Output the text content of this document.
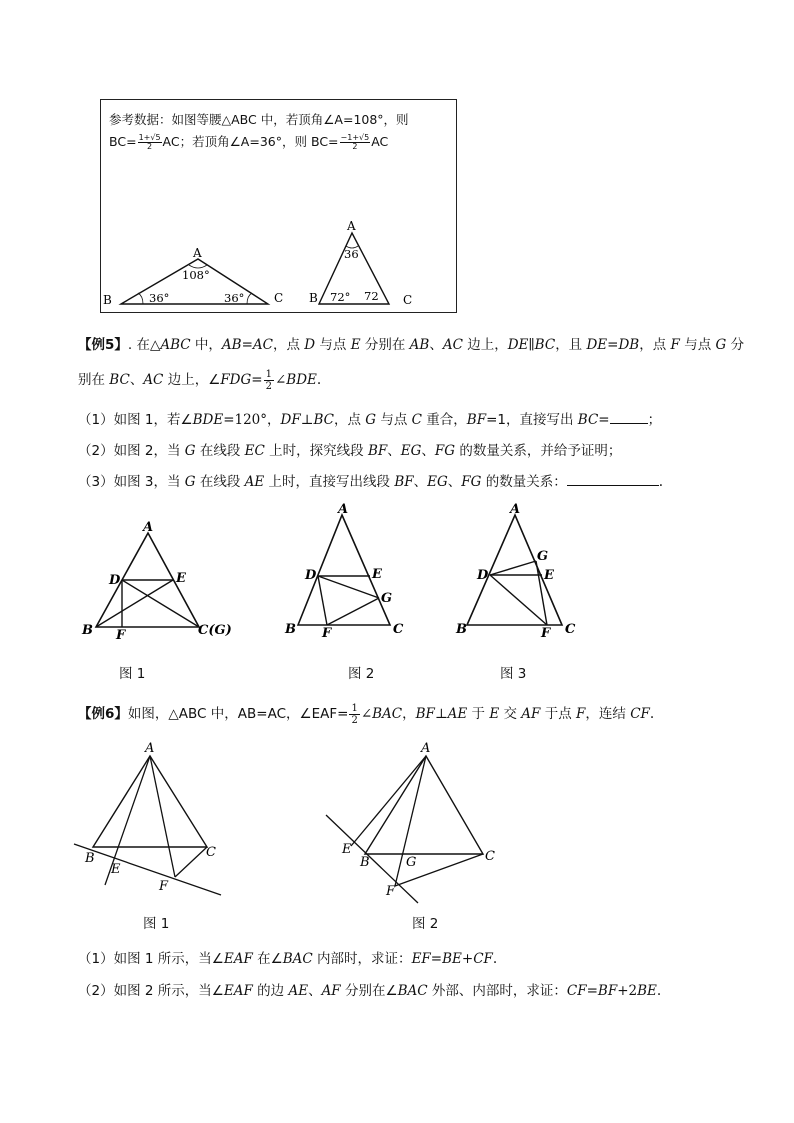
参考数据：如图等腰△ABC 中，若顶角∠A=108°，则
$BC= \frac{1+√5}{2}$ AC；若顶角∠A=36°，则 $BC= \frac{-1+√5}{2}$ AC
A
B	C
108°
36°	36°
A
B	C
36
72° 72
【例5】. 在△ABC 中，AB=AC，点 D 与点 E 分别在 AB、AC 边上，DE∥BC，且 DE=DB，点 F 与点 G 分
别在 BC、AC 边上，∠FDG= $\frac{1}{2}$ ∠BDE.
（1）如图 1，若∠BDE=120°，DF⊥BC，点 G 与点 C 重合，BF=1，直接写出 BC=	；
（2）如图 2，当 G 在线段 EC 上时，探究线段 BF、EG、FG 的数量关系，并给予证明；
（3）如图 3，当 G 在线段 AE 上时，直接写出线段 BF、EG、FG 的数量关系：	.
A
D	E
B F	C(G)
A
D	E
G
B F	C
A
G
D	E
B	F C
图 1	图 2	图 3
【例6】如图，△ABC 中，AB=AC，∠EAF= $\frac{1}{2}$ ∠BAC，BF⊥AE 于 E 交 AF 于点 F，连结 CF.
A
B	C
E
F
A
E
B	G	C
F
图 1	图 2
（1）如图 1 所示，当∠EAF 在∠BAC 内部时，求证：EF=BE+CF.
（2）如图 2 所示，当∠EAF 的边 AE、AF 分别在∠BAC 外部、内部时，求证：CF=BF+2BE.
